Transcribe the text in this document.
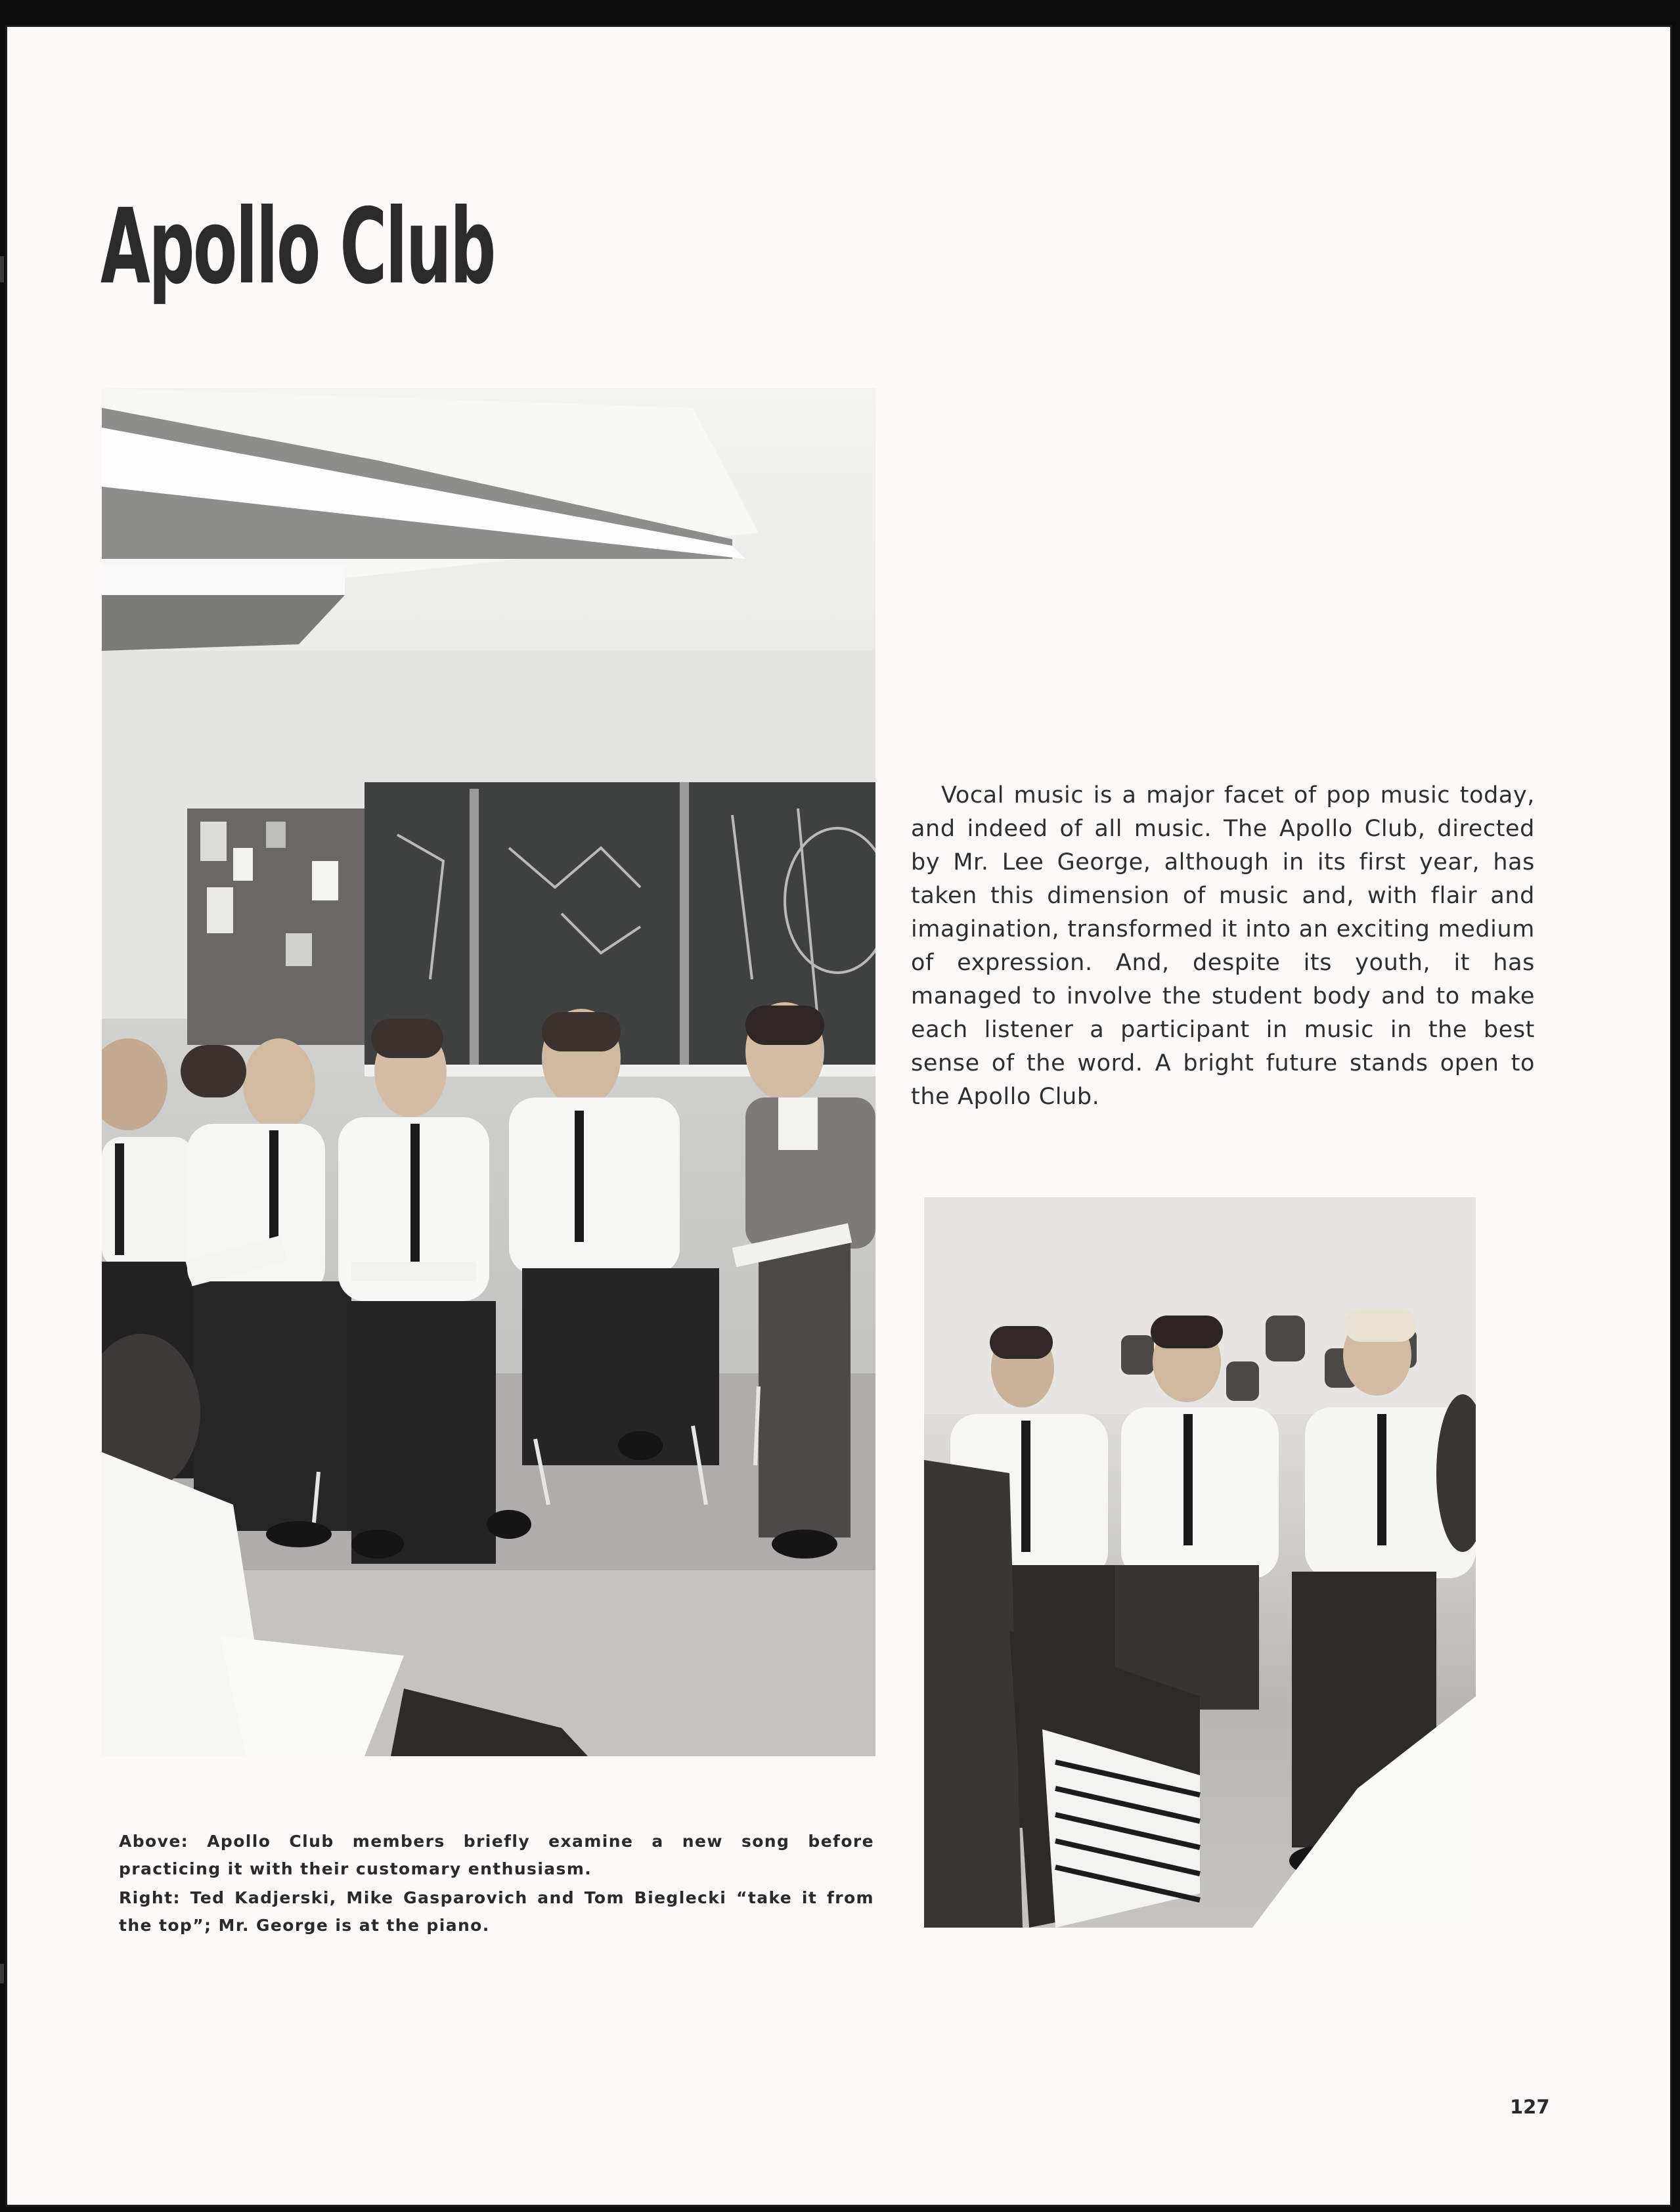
Apollo Club

Vocal music is a major facet of pop music today, and indeed of all music. The Apollo Club, directed by Mr. Lee George, although in its first year, has taken this dimension of music and, with flair and imagination, transformed it into an exciting medium of expression. And, despite its youth, it has managed to involve the student body and to make each listener a participant in music in the best sense of the word. A bright future stands open to the Apollo Club.

Above: Apollo Club members briefly examine a new song before practicing it with their customary enthusiasm.

Right: Ted Kadjerski, Mike Gasparovich and Tom Bieglecki “take it from the top”; Mr. George is at the piano.

127
